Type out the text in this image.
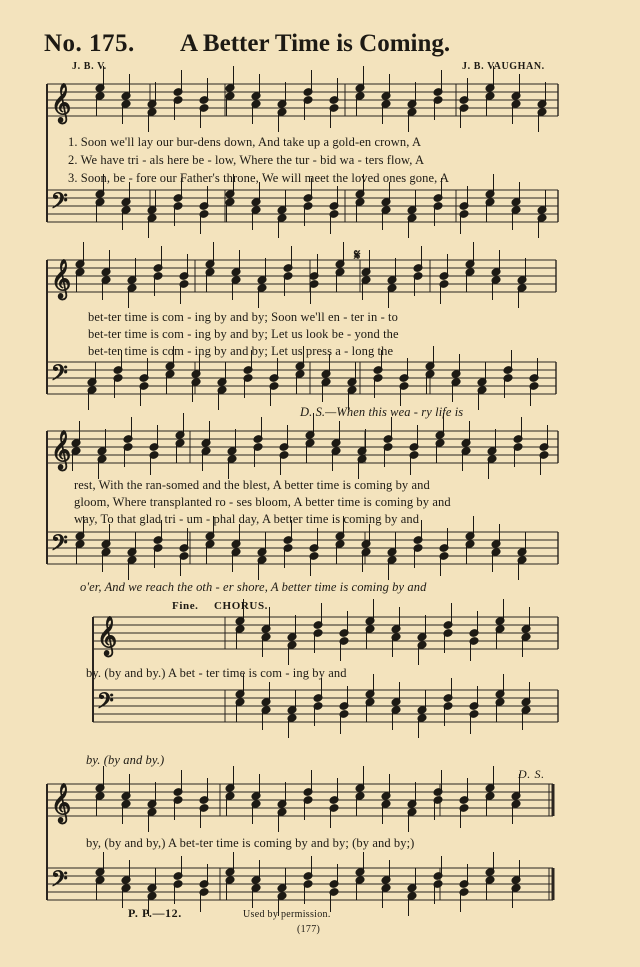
𝄞
𝄢
𝄞
𝄢
𝄞
𝄢
𝄞
𝄢
𝄞
𝄢
No. 175. A Better Time is Coming.
J. B. V.	J. B. VAUGHAN.
1. Soon we'll lay our bur-dens down, And take up a gold-en crown, A
2. We have tri - als here be - low, Where the tur - bid wa - ters flow, A
3. Soon, be - fore our Father's throne, We will meet the loved ones gone, A
𝄋
bet-ter time is com - ing by and by; Soon we'll en - ter in - to
bet-ter time is com - ing by and by; Let us look be - yond the
bet-ter time is com - ing by and by; Let us press a - long the
D. S.—When this wea - ry life is
rest, With the ran-somed and the blest, A better time is coming by and
gloom, Where transplanted ro - ses bloom, A better time is coming by and
way, To that glad tri - um - phal day, A better time is coming by and
o'er, And we reach the oth - er shore, A better time is coming by and
Fine. CHORUS.
by. (by and by.) A bet - ter time is com - ing by and
by. (by and by.)
D. S.
by, (by and by,) A bet-ter time is coming by and by; (by and by;)
P. P.—12.	Used by permission.
(177)
